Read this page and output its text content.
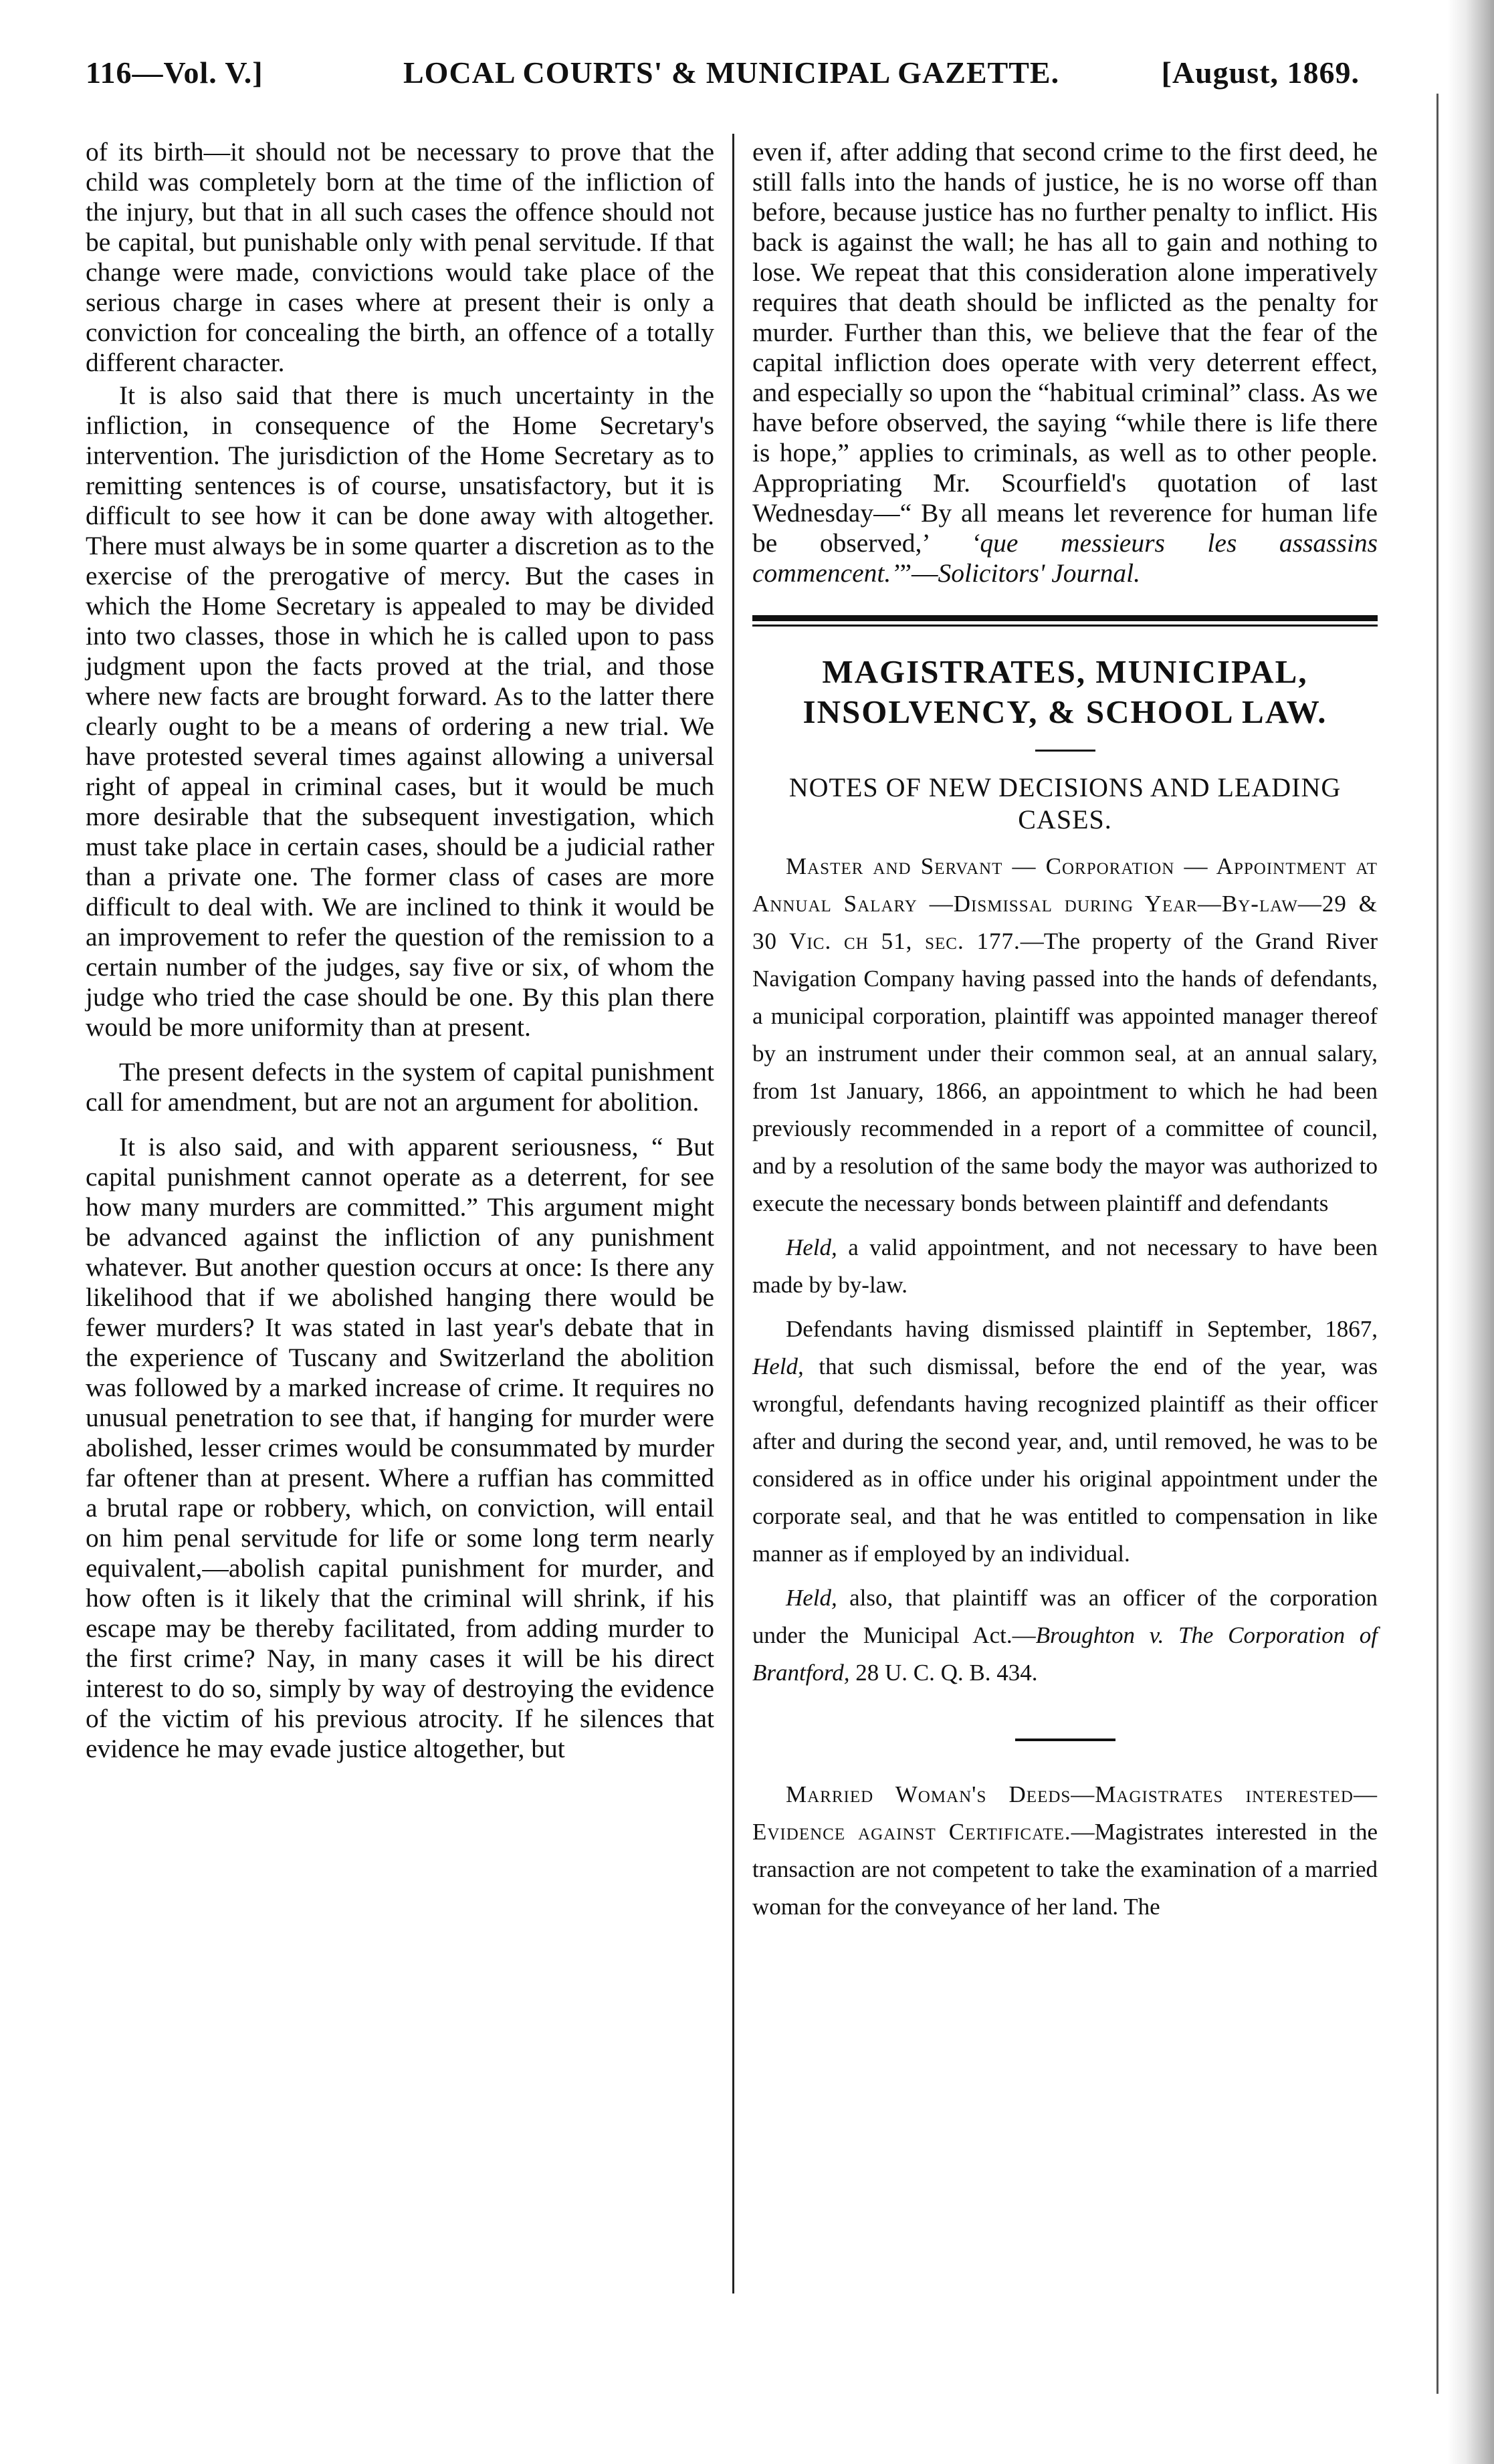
116—Vol. V.]	LOCAL COURTS' & MUNICIPAL GAZETTE.	[August, 1869.

of its birth—it should not be necessary to prove that the child was completely born at the time of the infliction of the injury, but that in all such cases the offence should not be capital, but punishable only with penal servitude. If that change were made, convictions would take place of the serious charge in cases where at present their is only a conviction for concealing the birth, an offence of a totally different character.

It is also said that there is much uncertainty in the infliction, in consequence of the Home Secretary's intervention. The jurisdiction of the Home Secretary as to remitting sentences is of course, unsatisfactory, but it is difficult to see how it can be done away with altogether. There must always be in some quarter a discretion as to the exercise of the prerogative of mercy. But the cases in which the Home Secretary is appealed to may be divided into two classes, those in which he is called upon to pass judgment upon the facts proved at the trial, and those where new facts are brought forward. As to the latter there clearly ought to be a means of ordering a new trial. We have protested several times against allowing a universal right of appeal in criminal cases, but it would be much more desirable that the subsequent investigation, which must take place in certain cases, should be a judicial rather than a private one. The former class of cases are more difficult to deal with. We are inclined to think it would be an improvement to refer the question of the remission to a certain number of the judges, say five or six, of whom the judge who tried the case should be one. By this plan there would be more uniformity than at present.

The present defects in the system of capital punishment call for amendment, but are not an argument for abolition.

It is also said, and with apparent seriousness, “ But capital punishment cannot operate as a deterrent, for see how many murders are committed.” This argument might be advanced against the infliction of any punishment whatever. But another question occurs at once: Is there any likelihood that if we abolished hanging there would be fewer murders? It was stated in last year's debate that in the experience of Tuscany and Switzerland the abolition was followed by a marked increase of crime. It requires no unusual penetration to see that, if hanging for murder were abolished, lesser crimes would be consummated by murder far oftener than at present. Where a ruffian has committed a brutal rape or robbery, which, on conviction, will entail on him penal servitude for life or some long term nearly equivalent,—abolish capital punishment for murder, and how often is it likely that the criminal will shrink, if his escape may be thereby facilitated, from adding murder to the first crime? Nay, in many cases it will be his direct interest to do so, simply by way of destroying the evidence of the victim of his previous atrocity. If he silences that evidence he may evade justice altogether, but

even if, after adding that second crime to the first deed, he still falls into the hands of justice, he is no worse off than before, because justice has no further penalty to inflict. His back is against the wall; he has all to gain and nothing to lose. We repeat that this consideration alone imperatively requires that death should be inflicted as the penalty for murder. Further than this, we believe that the fear of the capital infliction does operate with very deterrent effect, and especially so upon the “habitual criminal” class. As we have before observed, the saying “while there is life there is hope,” applies to criminals, as well as to other people. Appropriating Mr. Scourfield's quotation of last Wednesday—“ By all means let reverence for human life be observed,’ ‘que messieurs les assassins commencent.’”—Solicitors' Journal.

MAGISTRATES, MUNICIPAL,
INSOLVENCY, & SCHOOL LAW.

NOTES OF NEW DECISIONS AND LEADING CASES.

Master and Servant — Corporation — Appointment at Annual Salary —Dismissal during Year—By-law—29 & 30 Vic. ch 51, sec. 177.—The property of the Grand River Navigation Company having passed into the hands of defendants, a municipal corporation, plaintiff was appointed manager thereof by an instrument under their common seal, at an annual salary, from 1st January, 1866, an appointment to which he had been previously recommended in a report of a committee of council, and by a resolution of the same body the mayor was authorized to execute the necessary bonds between plaintiff and defendants

Held, a valid appointment, and not necessary to have been made by by-law.

Defendants having dismissed plaintiff in September, 1867, Held, that such dismissal, before the end of the year, was wrongful, defendants having recognized plaintiff as their officer after and during the second year, and, until removed, he was to be considered as in office under his original appointment under the corporate seal, and that he was entitled to compensation in like manner as if employed by an individual.

Held, also, that plaintiff was an officer of the corporation under the Municipal Act.—Broughton v. The Corporation of Brantford, 28 U. C. Q. B. 434.

Married Woman's Deeds—Magistrates interested—Evidence against Certificate.—Magistrates interested in the transaction are not competent to take the examination of a married woman for the conveyance of her land. The
